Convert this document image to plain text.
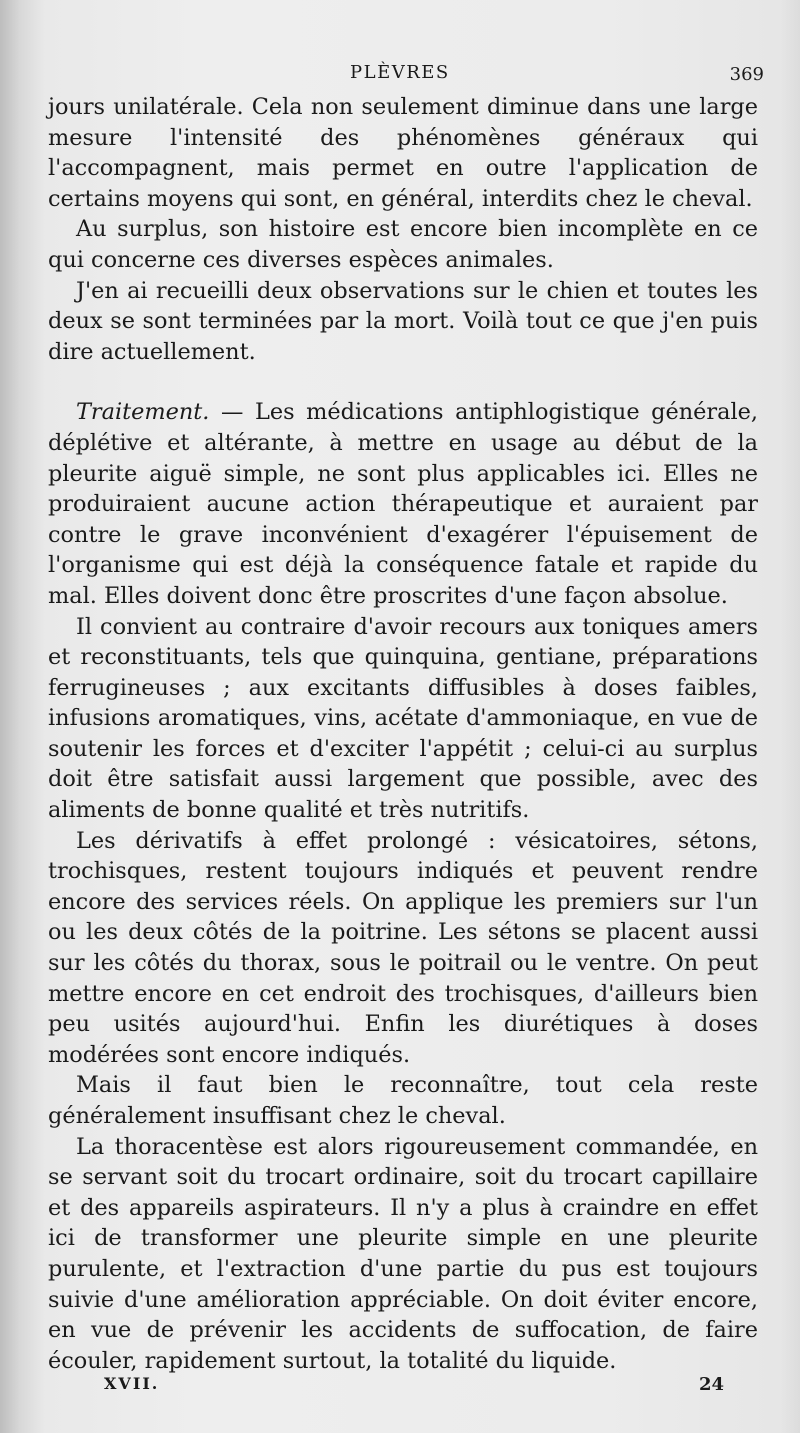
PLÈVRES	369

jours unilatérale. Cela non seulement diminue dans une large mesure l'intensité des phénomènes généraux qui l'accompagnent, mais permet en outre l'application de certains moyens qui sont, en général, interdits chez le cheval.

Au surplus, son histoire est encore bien incomplète en ce qui concerne ces diverses espèces animales.

J'en ai recueilli deux observations sur le chien et toutes les deux se sont terminées par la mort. Voilà tout ce que j'en puis dire actuellement.

Traitement. — Les médications antiphlogistique générale, déplétive et altérante, à mettre en usage au début de la pleurite aiguë simple, ne sont plus applicables ici. Elles ne produiraient aucune action thérapeutique et auraient par contre le grave inconvénient d'exagérer l'épuisement de l'organisme qui est déjà la conséquence fatale et rapide du mal. Elles doivent donc être proscrites d'une façon absolue.

Il convient au contraire d'avoir recours aux toniques amers et reconstituants, tels que quinquina, gentiane, préparations ferrugineuses ; aux excitants diffusibles à doses faibles, infusions aromatiques, vins, acétate d'ammoniaque, en vue de soutenir les forces et d'exciter l'appétit ; celui-ci au surplus doit être satisfait aussi largement que possible, avec des aliments de bonne qualité et très nutritifs.

Les dérivatifs à effet prolongé : vésicatoires, sétons, trochisques, restent toujours indiqués et peuvent rendre encore des services réels. On applique les premiers sur l'un ou les deux côtés de la poitrine. Les sétons se placent aussi sur les côtés du thorax, sous le poitrail ou le ventre. On peut mettre encore en cet endroit des trochisques, d'ailleurs bien peu usités aujourd'hui. Enfin les diurétiques à doses modérées sont encore indiqués.

Mais il faut bien le reconnaître, tout cela reste généralement insuffisant chez le cheval.

La thoracentèse est alors rigoureusement commandée, en se servant soit du trocart ordinaire, soit du trocart capillaire et des appareils aspirateurs. Il n'y a plus à craindre en effet ici de transformer une pleurite simple en une pleurite purulente, et l'extraction d'une partie du pus est toujours suivie d'une amélioration appréciable. On doit éviter encore, en vue de prévenir les accidents de suffocation, de faire écouler, rapidement surtout, la totalité du liquide.

XVII.	24
